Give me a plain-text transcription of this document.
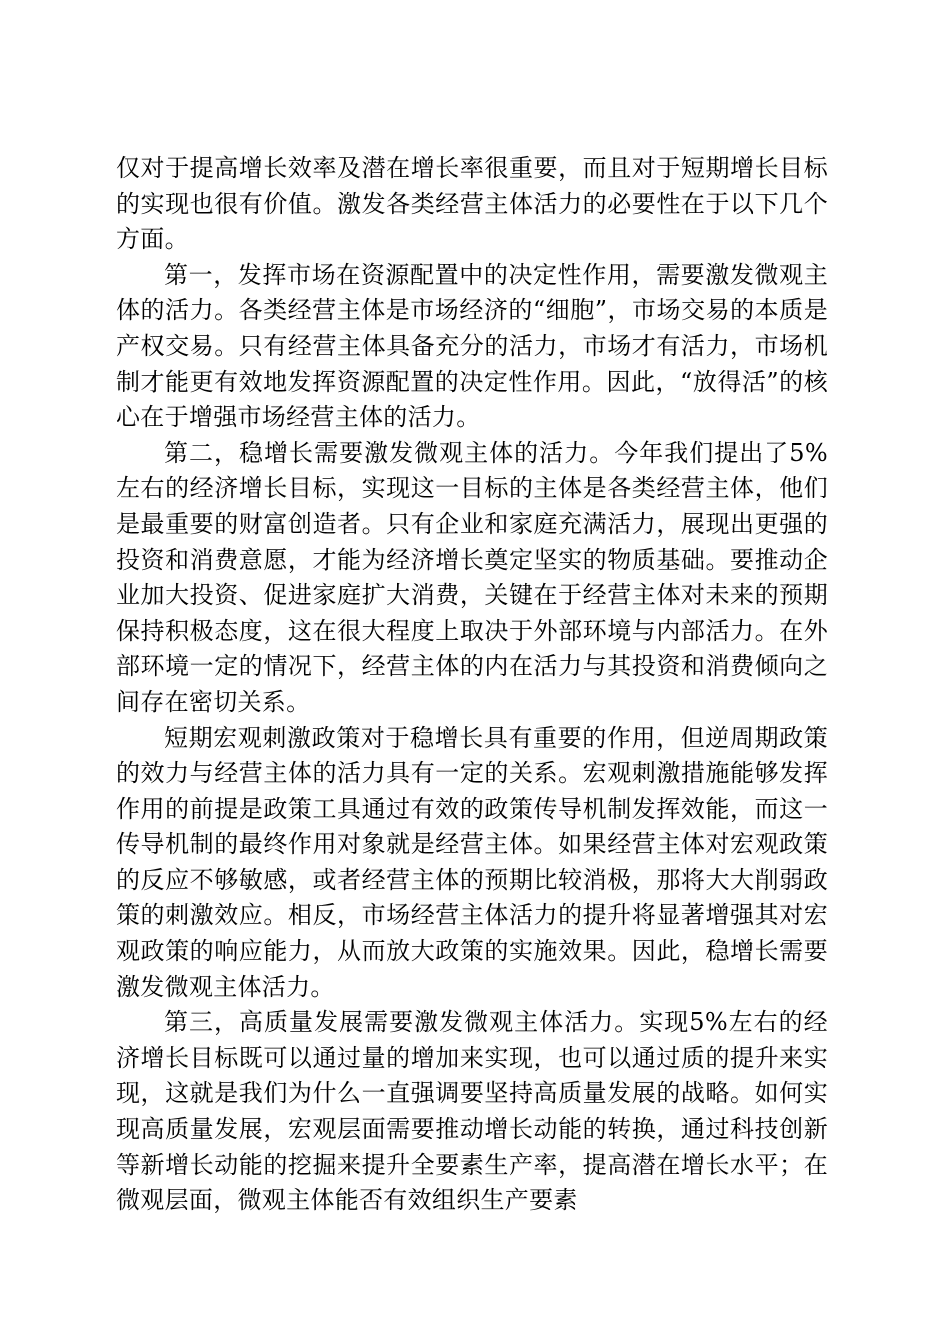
仅对于提高增长效率及潜在增长率很重要，而且对于短期增长目标的实现也很有价值。激发各类经营主体活力的必要性在于以下几个方面。

第一，发挥市场在资源配置中的决定性作用，需要激发微观主体的活力。各类经营主体是市场经济的“细胞”，市场交易的本质是产权交易。只有经营主体具备充分的活力，市场才有活力，市场机制才能更有效地发挥资源配置的决定性作用。因此，“放得活”的核心在于增强市场经营主体的活力。

第二，稳增长需要激发微观主体的活力。今年我们提出了5%左右的经济增长目标，实现这一目标的主体是各类经营主体，他们是最重要的财富创造者。只有企业和家庭充满活力，展现出更强的投资和消费意愿，才能为经济增长奠定坚实的物质基础。要推动企业加大投资、促进家庭扩大消费，关键在于经营主体对未来的预期保持积极态度，这在很大程度上取决于外部环境与内部活力。在外部环境一定的情况下，经营主体的内在活力与其投资和消费倾向之间存在密切关系。

短期宏观刺激政策对于稳增长具有重要的作用，但逆周期政策的效力与经营主体的活力具有一定的关系。宏观刺激措施能够发挥作用的前提是政策工具通过有效的政策传导机制发挥效能，而这一传导机制的最终作用对象就是经营主体。如果经营主体对宏观政策的反应不够敏感，或者经营主体的预期比较消极，那将大大削弱政策的刺激效应。相反，市场经营主体活力的提升将显著增强其对宏观政策的响应能力，从而放大政策的实施效果。因此，稳增长需要激发微观主体活力。

第三，高质量发展需要激发微观主体活力。实现5%左右的经济增长目标既可以通过量的增加来实现，也可以通过质的提升来实现，这就是我们为什么一直强调要坚持高质量发展的战略。如何实现高质量发展，宏观层面需要推动增长动能的转换，通过科技创新等新增长动能的挖掘来提升全要素生产率，提高潜在增长水平；在微观层面，微观主体能否有效组织生产要素
